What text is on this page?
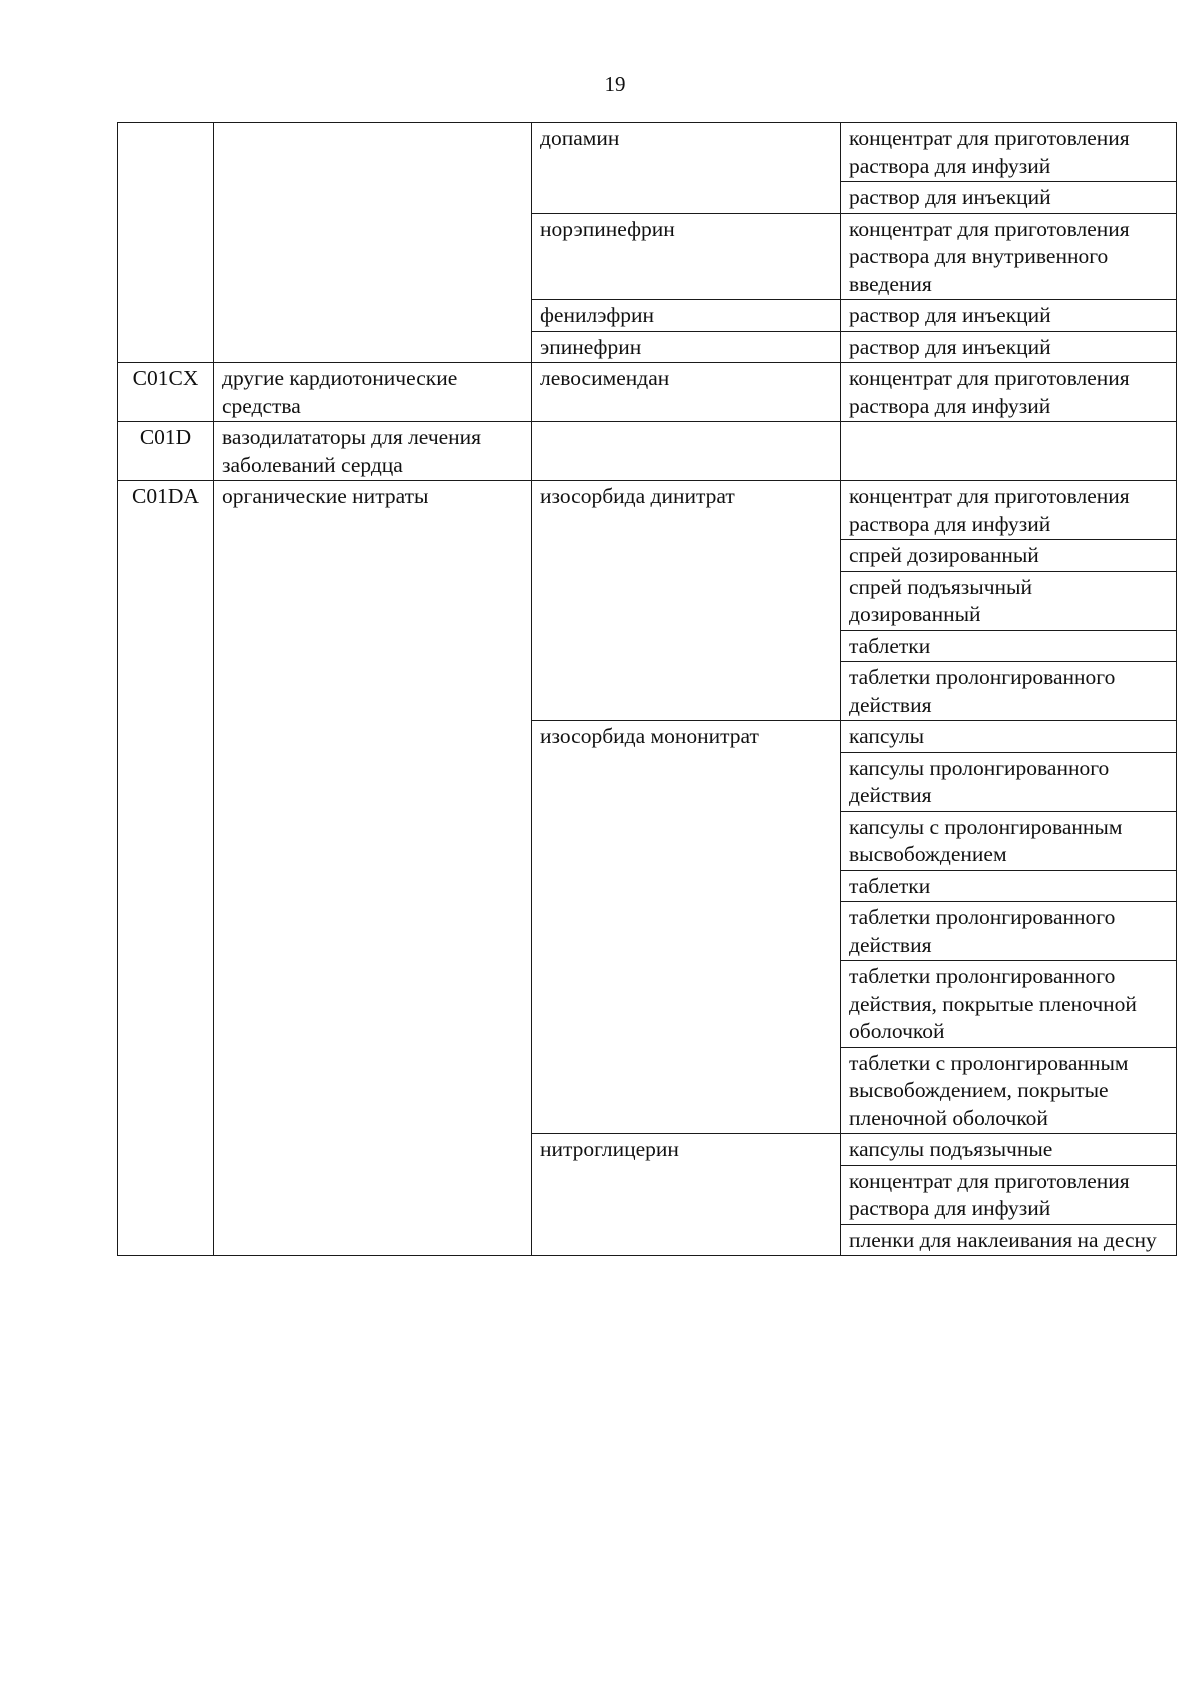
19
		допамин	концентрат для приготовления раствора для инфузий
			раствор для инъекций
		норэпинефрин	концентрат для приготовления раствора для внутривенного введения
		фенилэфрин	раствор для инъекций
		эпинефрин	раствор для инъекций
C01CX	другие кардиотонические средства	левосимендан	концентрат для приготовления раствора для инфузий
C01D	вазодилататоры для лечения заболеваний сердца		
C01DA	органические нитраты	изосорбида динитрат	концентрат для приготовления раствора для инфузий
			спрей дозированный
			спрей подъязычный дозированный
			таблетки
			таблетки пролонгированного действия
		изосорбида мононитрат	капсулы
			капсулы пролонгированного действия
			капсулы с пролонгированным высвобождением
			таблетки
			таблетки пролонгированного действия
			таблетки пролонгированного действия, покрытые пленочной оболочкой
			таблетки с пролонгированным высвобождением, покрытые пленочной оболочкой
		нитроглицерин	капсулы подъязычные
			концентрат для приготовления раствора для инфузий
			пленки для наклеивания на десну
